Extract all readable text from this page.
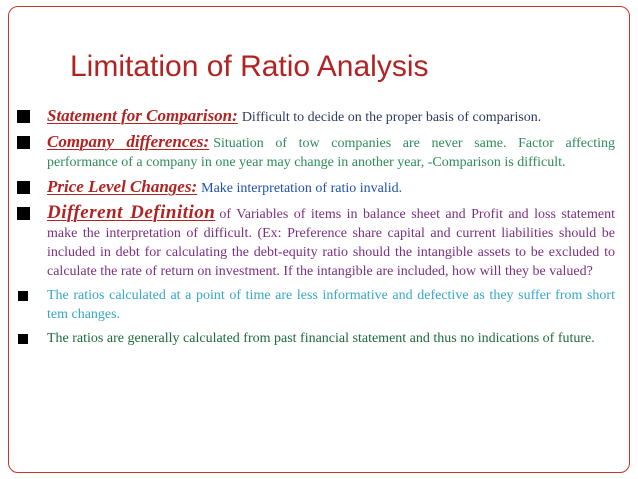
Limitation of Ratio Analysis
Statement for Comparison: Difficult to decide on the proper basis of comparison.
Company differences: Situation of tow companies are never same. Factor affecting performance of a company in one year may change in another year, -Comparison is difficult.
Price Level Changes: Make interpretation of ratio invalid.
Different Definition of Variables of items in balance sheet and Profit and loss statement make the interpretation of difficult. (Ex: Preference share capital and current liabilities should be included in debt for calculating the debt-equity ratio should the intangible assets to be excluded to calculate the rate of return on investment. If the intangible are included, how will they be valued?
The ratios calculated at a point of time are less informative and defective as they suffer from short tem changes.
The ratios are generally calculated from past financial statement and thus no indications of future.
